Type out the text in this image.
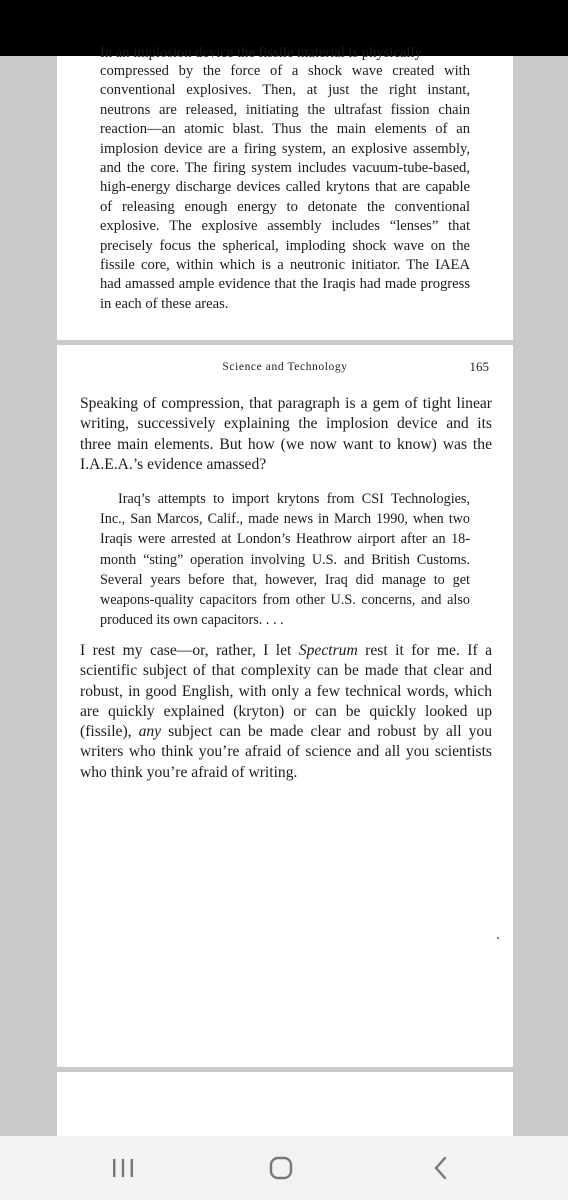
In an implosion device the fissile material is physically

compressed by the force of a shock wave created with conventional explosives. Then, at just the right instant, neutrons are released, initiating the ultrafast fission chain reaction—an atomic blast. Thus the main elements of an implosion device are a firing system, an explosive assembly, and the core. The firing system includes vacuum-tube-based, high-energy discharge devices called krytons that are capable of releasing enough energy to detonate the conventional explosive. The explosive assembly includes “lenses” that precisely focus the spherical, imploding shock wave on the fissile core, within which is a neutronic initiator. The IAEA had amassed ample evidence that the Iraqis had made progress in each of these areas.

Science and Technology	165

Speaking of compression, that paragraph is a gem of tight linear writing, successively explaining the implosion device and its three main elements. But how (we now want to know) was the I.A.E.A.’s evidence amassed?

Iraq’s attempts to import krytons from CSI Technologies, Inc., San Marcos, Calif., made news in March 1990, when two Iraqis were arrested at London’s Heathrow airport after an 18-month “sting” operation involving U.S. and British Customs. Several years before that, however, Iraq did manage to get weapons-quality capacitors from other U.S. concerns, and also produced its own capacitors. . . .

I rest my case—or, rather, I let Spectrum rest it for me. If a scientific subject of that complexity can be made that clear and robust, in good English, with only a few technical words, which are quickly explained (kryton) or can be quickly looked up (fissile), any subject can be made clear and robust by all you writers who think you’re afraid of science and all you scientists who think you’re afraid of writing.
